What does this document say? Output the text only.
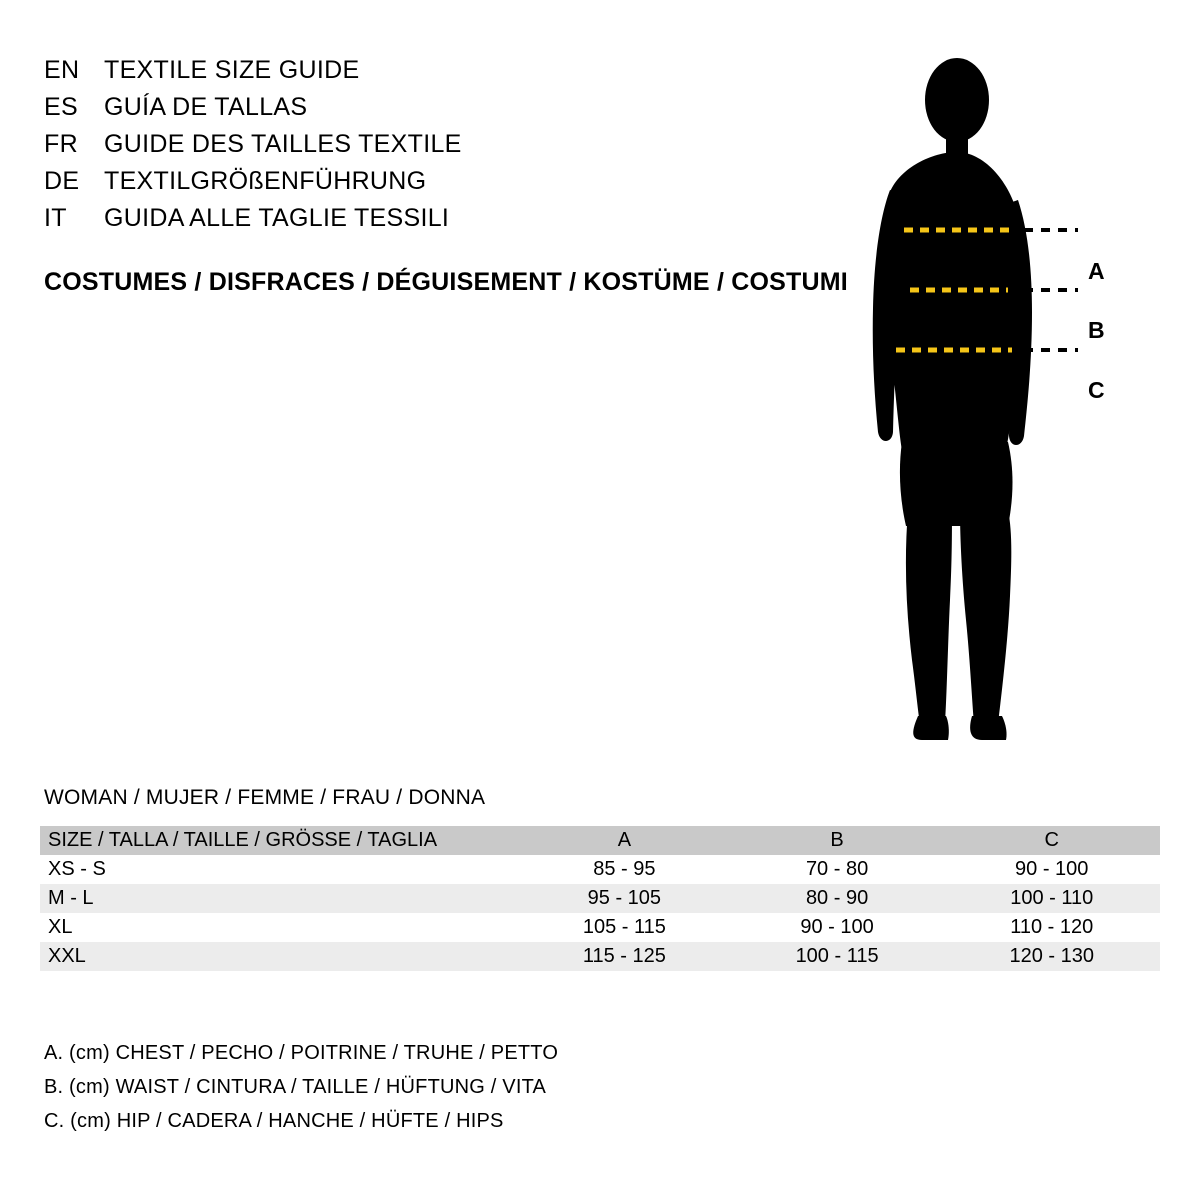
EN TEXTILE SIZE GUIDE
ES	GUÍA DE TALLAS
FR	GUIDE DES TAILLES TEXTILE
DE TEXTILGRÖßENFÜHRUNG
IT	GUIDA ALLE TAGLIE TESSILI
COSTUMES / DISFRACES / DÉGUISEMENT / KOSTÜME / COSTUMI	A
B
C
WOMAN / MUJER / FEMME / FRAU / DONNA
SIZE / TALLA / TAILLE / GRÖSSE / TAGLIA	A	B	C
XS - S	85 - 95	70 - 80	90 - 100
M - L	95 - 105	80 - 90	100 - 110
XL	105 - 115	90 - 100	110 - 120
XXL	115 - 125	100 - 115	120 - 130
A. (cm) CHEST / PECHO / POITRINE / TRUHE / PETTO
B. (cm) WAIST / CINTURA / TAILLE / HÜFTUNG / VITA
C. (cm) HIP / CADERA / HANCHE / HÜFTE / HIPS
